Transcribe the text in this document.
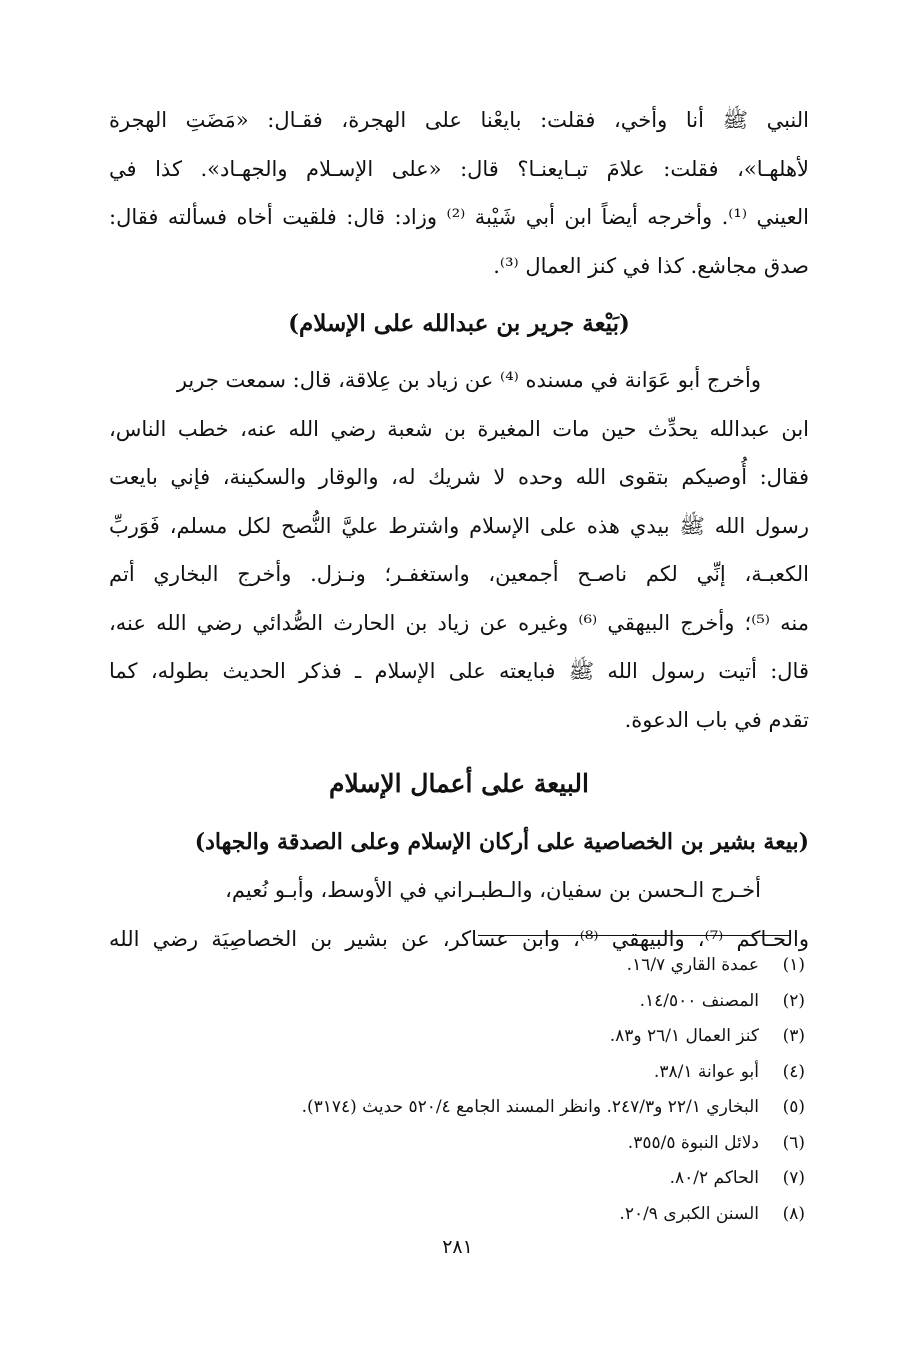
النبي ﷺ أنا وأخي، فقلت: بايعْنا على الهجرة، فقـال: «مَضَتِ الهجرة
لأهلهـا»، فقلت: علامَ تبـايعنـا؟ قال: «على الإسـلام والجهـاد». كذا في
العيني ⁽¹⁾. وأخرجه أيضاً ابن أبي شَيْبة ⁽²⁾ وزاد: قال: فلقيت أخاه فسألته فقال:
صدق مجاشع. كذا في كنز العمال ⁽³⁾.
(بَيْعة جرير بن عبدالله على الإسلام)
وأخرج أبو عَوَانة في مسنده ⁽⁴⁾ عن زياد بن عِلاقة، قال: سمعت جرير
ابن عبدالله يحدِّث حين مات المغيرة بن شعبة رضي الله عنه، خطب الناس،
فقال: أُوصيكم بتقوى الله وحده لا شريك له، والوقار والسكينة، فإني بايعت
رسول الله ﷺ بيدي هذه على الإسلام واشترط عليَّ النُّصح لكل مسلم، فَوَربِّ
الكعبـة، إنِّي لكم ناصـح أجمعين، واستغفـر؛ ونـزل. وأخرج البخاري أتم
منه ⁽⁵⁾؛ وأخرج البيهقي ⁽⁶⁾ وغيره عن زياد بن الحارث الصُّدائي رضي الله عنه،
قال: أتيت رسول الله ﷺ فبايعته على الإسلام ـ فذكر الحديث بطوله، كما
تقدم في باب الدعوة.
البيعة على أعمال الإسلام
(بيعة بشير بن الخصاصية على أركان الإسلام وعلى الصدقة والجهاد)
أخـرج الـحسن بن سفيان، والـطبـراني في الأوسط، وأبـو نُعيم،
والحـاكم ⁽⁷⁾، والبيهقي ⁽⁸⁾، وابن عساكر، عن بشير بن الخصاصِيَة رضي الله
(١)عمدة القاري ١٦/٧.
(٢)المصنف ١٤/٥٠٠.
(٣)كنز العمال ٢٦/١ و٨٣.
(٤)أبو عوانة ٣٨/١.
(٥)البخاري ٢٢/١ و٢٤٧/٣. وانظر المسند الجامع ٥٢٠/٤ حديث (٣١٧٤).
(٦)دلائل النبوة ٣٥٥/٥.
(٧)الحاكم ٨٠/٢.
(٨)السنن الكبرى ٢٠/٩.
٢٨١
